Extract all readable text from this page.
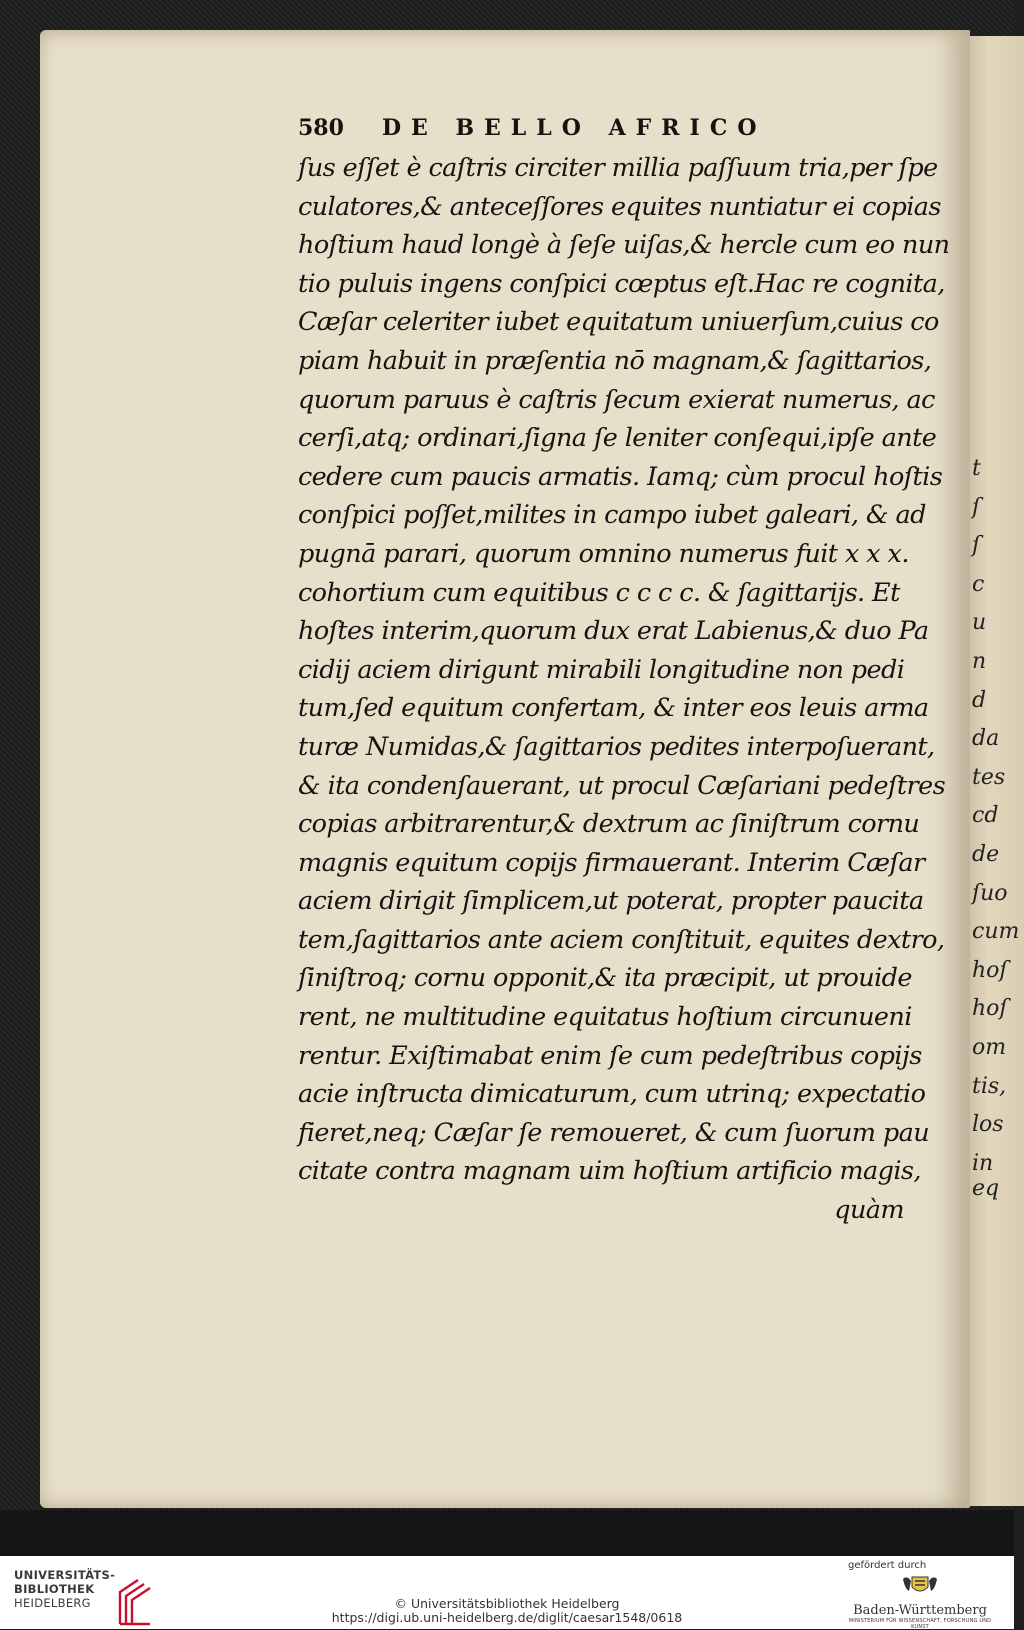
t
ſ
ſ
c
u
n
d
da
tes
cd
de
ſuo
cum
hoſ
hoſ
om
tis,
los
in eq
580 DE BELLO AFRICO
ſus eſſet è caſtris circiter millia paſſuum tria,per ſpe
culatores,& anteceſſores equites nuntiatur ei copias
hoſtium haud longè à ſeſe uiſas,& hercle cum eo nun
tio puluis ingens conſpici cœptus eſt.Hac re cognita,
Cæſar celeriter iubet equitatum uniuerſum,cuius co
piam habuit in præſentia nō magnam,& ſagittarios,
quorum paruus è caſtris ſecum exierat numerus, ac
cerſi,atq; ordinari,ſigna ſe leniter conſequi,ipſe ante
cedere cum paucis armatis. Iamq; cùm procul hoſtis
conſpici poſſet,milites in campo iubet galeari, & ad
pugnā parari, quorum omnino numerus fuit x x x.
cohortium cum equitibus c c c c. & ſagittarijs. Et
hoſtes interim,quorum dux erat Labienus,& duo Pa
cidij aciem dirigunt mirabili longitudine non pedi
tum,ſed equitum confertam, & inter eos leuis arma
turæ Numidas,& ſagittarios pedites interpoſuerant,
& ita condenſauerant, ut procul Cæſariani pedeſtres
copias arbitrarentur,& dextrum ac ſiniſtrum cornu
magnis equitum copijs firmauerant. Interim Cæſar
aciem dirigit ſimplicem,ut poterat, propter paucita
tem,ſagittarios ante aciem conſtituit, equites dextro,
ſiniſtroq; cornu opponit,& ita præcipit, ut prouide
rent, ne multitudine equitatus hoſtium circunueni
rentur. Exiſtimabat enim ſe cum pedeſtribus copijs
acie inſtructa dimicaturum, cum utrinq; expectatio
fieret,neq; Cæſar ſe remoueret, & cum ſuorum pau
citate contra magnam uim hoſtium artificio magis,
quàm
UNIVERSITÄTS-
BIBLIOTHEK
HEIDELBERG	© Universitätsbibliothek Heidelberg
https://digi.ub.uni-heidelberg.de/diglit/caesar1548/0618
gefördert durch
Baden-Württemberg
MINISTERIUM FÜR WISSENSCHAFT, FORSCHUNG UND KUNST
